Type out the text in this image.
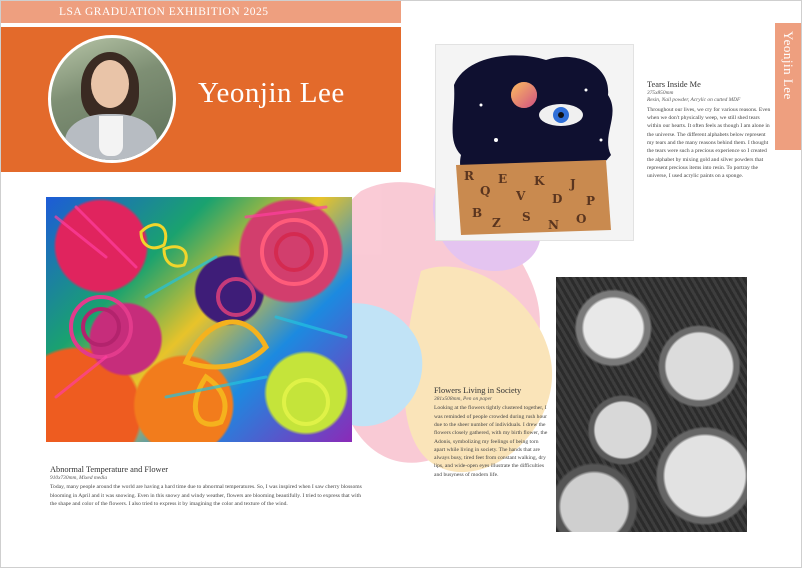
LSA GRADUATION EXHIBITION 2025
Yeonjin Lee	Yeonjin Lee
R
Q
E
V
K
D
J
P
B
Z S
N O

Abnormal Temperature and Flower

910x730mm, Mixed media

Today, many people around the world are having a hard time due to abnormal temperatures. So, I was inspired when I saw cherry blossoms blooming in April and it was snowing. Even in this snowy and windy weather, flowers are blooming beautifully. I tried to express that with the shape and color of the flowers. I also tried to express it by imagining the color and texture of the wind.

Tears Inside Me

375x850mm

Resin, Nail powder, Acrylic on cutted MDF

Throughout our lives, we cry for various reasons. Even when we don't physically weep, we still shed tears within our hearts. It often feels as though I am alone in the universe. The different alphabets below represent my tears and the many reasons behind them. I thought the tears were such a precious experience so I created the alphabet by mixing gold and silver powders that represent precious items into resin. To portray the universe, I used acrylic paints on a sponge.

Flowers Living in Society

381x508mm, Pen on paper

Looking at the flowers tightly clustered together, I was reminded of people crowded during rush hour due to the sheer number of individuals. I drew the flowers closely gathered, with my birth flower, the Adonis, symbolizing my feelings of being torn apart while living in society. The hands that are always busy, tired feet from constant walking, dry lips, and wide-open eyes illustrate the difficulties and busyness of modern life.
